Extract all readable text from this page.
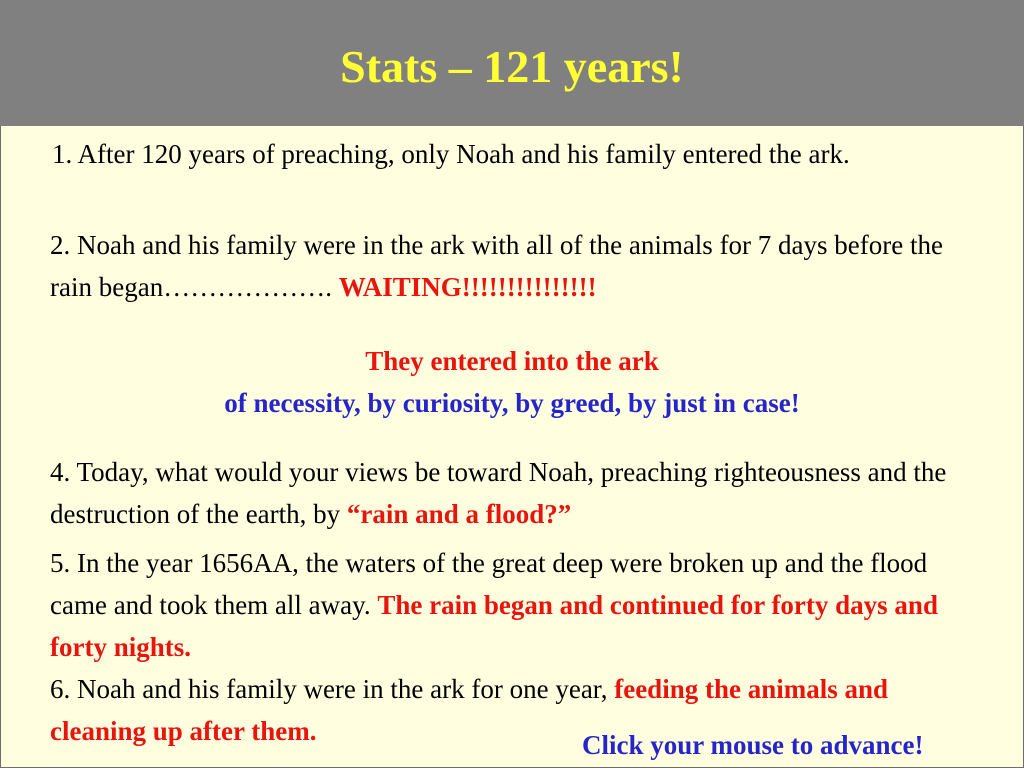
Stats – 121 years!

1. After 120 years of preaching, only Noah and his family entered the ark.

2. Noah and his family were in the ark with all of the animals for 7 days before the rain began………………. WAITING!!!!!!!!!!!!!!!

They entered into the ark
of necessity, by curiosity, by greed, by just in case!

4. Today, what would your views be toward Noah, preaching righteousness and the destruction of the earth, by “rain and a flood?”

5. In the year 1656AA, the waters of the great deep were broken up and the flood came and took them all away. The rain began and continued for forty days and forty nights.

6. Noah and his family were in the ark for one year, feeding the animals and cleaning up after them.	Click your mouse to advance!
